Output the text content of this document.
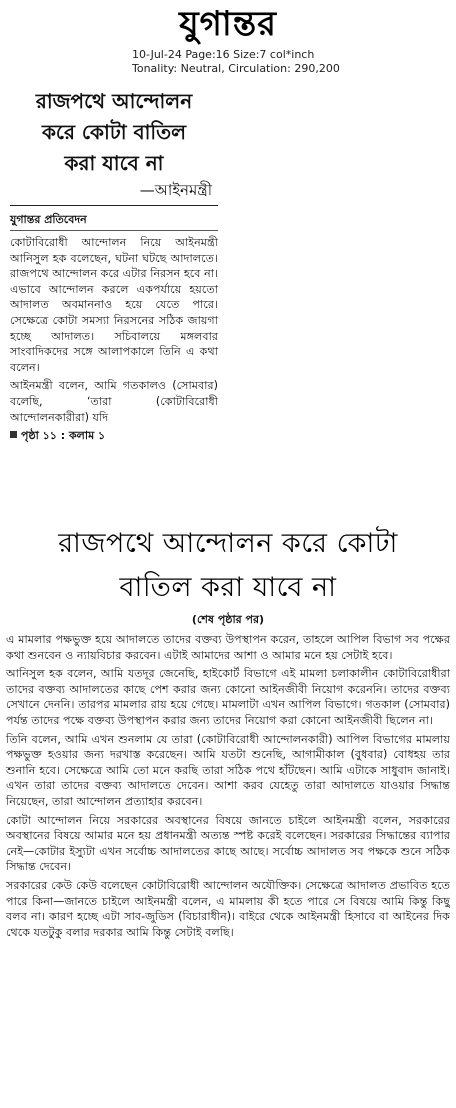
যুগান্তর
10-Jul-24 Page:16 Size:7 col*inch
Tonality: Neutral, Circulation: 290,200
রাজপথে আন্দোলন
করে কোটা বাতিল
করা যাবে না
—আইনমন্ত্রী
যুগান্তর প্রতিবেদন

কোটাবিরোধী আন্দোলন নিয়ে আইনমন্ত্রী আনিসুল হক বলেছেন, ঘটনা ঘটছে আদালতে। রাজপথে আন্দোলন করে এটার নিরসন হবে না। এভাবে আন্দোলন করলে একপর্যায়ে হয়তো আদালত অবমাননাও হয়ে যেতে পারে। সেক্ষেত্রে কোটা সমস্যা নিরসনের সঠিক জায়গা হচ্ছে আদালত। সচিবালয়ে মঙ্গলবার সাংবাদিকদের সঙ্গে আলাপকালে তিনি এ কথা বলেন।

আইনমন্ত্রী বলেন, আমি গতকালও (সোমবার) বলেছি, ‘তারা (কোটাবিরোধী আন্দোলনকারীরা) যদি

পৃষ্ঠা ১১ : কলাম ১
রাজপথে আন্দোলন করে কোটা
বাতিল করা যাবে না
(শেষ পৃষ্ঠার পর)

এ মামলার পক্ষভুক্ত হয়ে আদালতে তাদের বক্তব্য উপস্থাপন করেন, তাহলে আপিল বিভাগ সব পক্ষের কথা শুনবেন ও ন্যায়বিচার করবেন। এটাই আমাদের আশা ও আমার মনে হয় সেটাই হবে।

আনিসুল হক বলেন, আমি যতদূর জেনেছি, হাইকোর্ট বিভাগে এই মামলা চলাকালীন কোটাবিরোধীরা তাদের বক্তব্য আদালতের কাছে পেশ করার জন্য কোনো আইনজীবী নিয়োগ করেননি। তাদের বক্তব্য সেখানে দেননি। তারপর মামলার রায় হয়ে গেছে। মামলাটা এখন আপিল বিভাগে। গতকাল (সোমবার) পর্যন্ত তাদের পক্ষে বক্তব্য উপস্থাপন করার জন্য তাদের নিয়োগ করা কোনো আইনজীবী ছিলেন না।

তিনি বলেন, আমি এখন শুনলাম যে তারা (কোটাবিরোধী আন্দোলনকারী) আপিল বিভাগের মামলায় পক্ষভুক্ত হওয়ার জন্য দরখাস্ত করেছেন। আমি যতটা শুনেছি, আগামীকাল (বুধবার) বোধহয় তার শুনানি হবে। সেক্ষেত্রে আমি তো মনে করছি তারা সঠিক পথে হাঁটছেন। আমি এটাকে সাধুবাদ জানাই। এখন তারা তাদের বক্তব্য আদালতে দেবেন। আশা করব যেহেতু তারা আদালতে যাওয়ার সিদ্ধান্ত নিয়েছেন, তারা আন্দোলন প্রত্যাহার করবেন।

কোটা আন্দোলন নিয়ে সরকারের অবস্থানের বিষয়ে জানতে চাইলে আইনমন্ত্রী বলেন, সরকারের অবস্থানের বিষয়ে আমার মনে হয় প্রধানমন্ত্রী অত্যন্ত স্পষ্ট করেই বলেছেন। সরকারের সিদ্ধান্তের ব্যাপার নেই—কোটার ইস্যুটা এখন সর্বোচ্চ আদালতের কাছে আছে। সর্বোচ্চ আদালত সব পক্ষকে শুনে সঠিক সিদ্ধান্ত দেবেন।

সরকারের কেউ কেউ বলেছেন কোটাবিরোধী আন্দোলন অযৌক্তিক। সেক্ষেত্রে আদালত প্রভাবিত হতে পারে কিনা—জানতে চাইলে আইনমন্ত্রী বলেন, এ মামলায় কী হতে পারে সে বিষয়ে আমি কিন্তু কিছু বলব না। কারণ হচ্ছে এটা সাব-জুডিস (বিচারাধীন)। বাইরে থেকে আইনমন্ত্রী হিসাবে বা আইনের দিক থেকে যতটুকু বলার দরকার আমি কিন্তু সেটাই বলছি।
